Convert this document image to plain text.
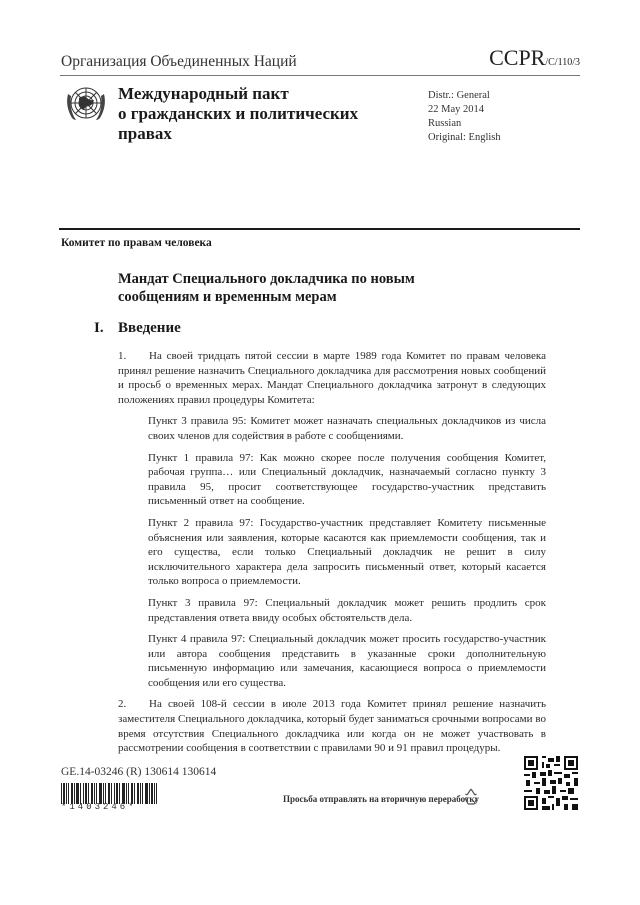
Организация Объединенных Наций	CCPR/C/110/3
Международный пакт
о гражданских и политических
правах
Distr.: General
22 May 2014
Russian
Original: English
Комитет по правам человека
Мандат Специального докладчика по новым
сообщениям и временным мерам
I. Введение

1. На своей тридцать пятой сессии в марте 1989 года Комитет по правам человека принял решение назначить Специального докладчика для рассмотрения новых сообщений и просьб о временных мерах. Мандат Специального докладчика затронут в следующих положениях правил процедуры Комитета:

Пункт 3 правила 95: Комитет может назначать специальных докладчиков из числа своих членов для содействия в работе с сообщениями.

Пункт 1 правила 97: Как можно скорее после получения сообщения Комитет, рабочая группа… или Специальный докладчик, назначаемый согласно пункту 3 правила 95, просит соответствующее государство-участник представить письменный ответ на сообщение.

Пункт 2 правила 97: Государство-участник представляет Комитету письменные объяснения или заявления, которые касаются как приемлемости сообщения, так и его существа, если только Специальный докладчик не решит в силу исключительного характера дела запросить письменный ответ, который касается только вопроса о приемлемости.

Пункт 3 правила 97: Специальный докладчик может решить продлить срок представления ответа ввиду особых обстоятельств дела.

Пункт 4 правила 97: Специальный докладчик может просить государство-участник или автора сообщения представить в указанные сроки дополнительную письменную информацию или замечания, касающиеся вопроса о приемлемости сообщения или его существа.

2. На своей 108-й сессии в июле 2013 года Комитет принял решение назначить заместителя Специального докладчика, который будет заниматься срочными вопросами во время отсутствия Специального докладчика или когда он не может участвовать в рассмотрении сообщения в соответствии с правилами 90 и 91 правил процедуры.

GE.14-03246 (R) 130614 130614
*1403246*
Просьба отправлять на вторичную переработку
